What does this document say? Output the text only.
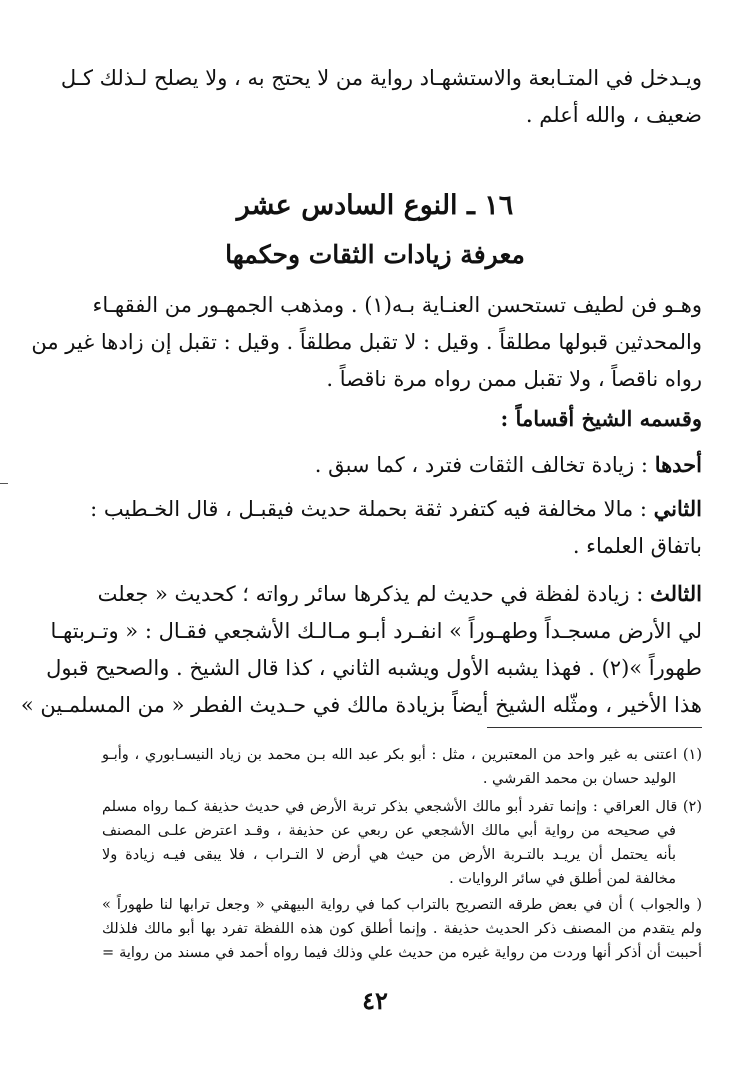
ويـدخل في المتـابعة والاستشهـاد رواية من لا يحتج به ، ولا يصلح لـذلك كـل
ضعيف ، والله أعلم .
١٦ ـ النوع السادس عشر
معرفة زيادات الثقات وحكمها
وهـو فن لطيف تستحسن العنـاية بـه(١) . ومذهب الجمهـور من الفقهـاء
والمحدثين قبولها مطلقاً . وقيل : لا تقبل مطلقاً . وقيل : تقبل إن زادها غير من
رواه ناقصاً ، ولا تقبل ممن رواه مرة ناقصاً .
وقسمه الشيخ أقساماً :
أحدها : زيادة تخالف الثقات فترد ، كما سبق .
الثاني : مالا مخالفة فيه كتفرد ثقة بحملة حديث فيقبـل ، قال الخـطيب :
باتفاق العلماء .
الثالث : زيادة لفظة في حديث لم يذكرها سائر رواته ؛ كحديث « جعلت
لي الأرض مسجـداً وطهـوراً » انفـرد أبـو مـالـك الأشجعي فقـال : « وتـربتهـا
طهوراً »(٢) . فهذا يشبه الأول ويشبه الثاني ، كذا قال الشيخ . والصحيح قبول
هذا الأخير ، ومثّله الشيخ أيضاً بزيادة مالك في حـديث الفطر « من المسلمـين »
(١) اعتنى به غير واحد من المعتبرين ، مثل : أبو بكر عبد الله بـن محمد بن زياد النيسـابوري ، وأبـو
الوليد حسان بن محمد القرشي .
(٢) قال العراقي : وإنما تفرد أبو مالك الأشجعي بذكر تربة الأرض في حديث حذيفة كـما رواه مسلم
في صحيحه من رواية أبي مالك الأشجعي عن ربعي عن حذيفة ، وقـد اعترض علـى المصنف
بأنه يحتمل أن يريـد بالتـربة الأرض من حيث هي أرض لا التـراب ، فلا يبقى فيـه زيادة ولا
مخالفة لمن أطلق في سائر الروايات .
( والجواب ) أن في بعض طرقه التصريح بالتراب كما في رواية البيهقي « وجعل ترابها لنا طهوراً »
ولم يتقدم من المصنف ذكر الحديث حذيفة . وإنما أطلق كون هذه اللفظة تفرد بها أبو مالك فلذلك
أحببت أن أذكر أنها وردت من رواية غيره من حديث علي وذلك فيما رواه أحمد في مسند من رواية =
٤٢
